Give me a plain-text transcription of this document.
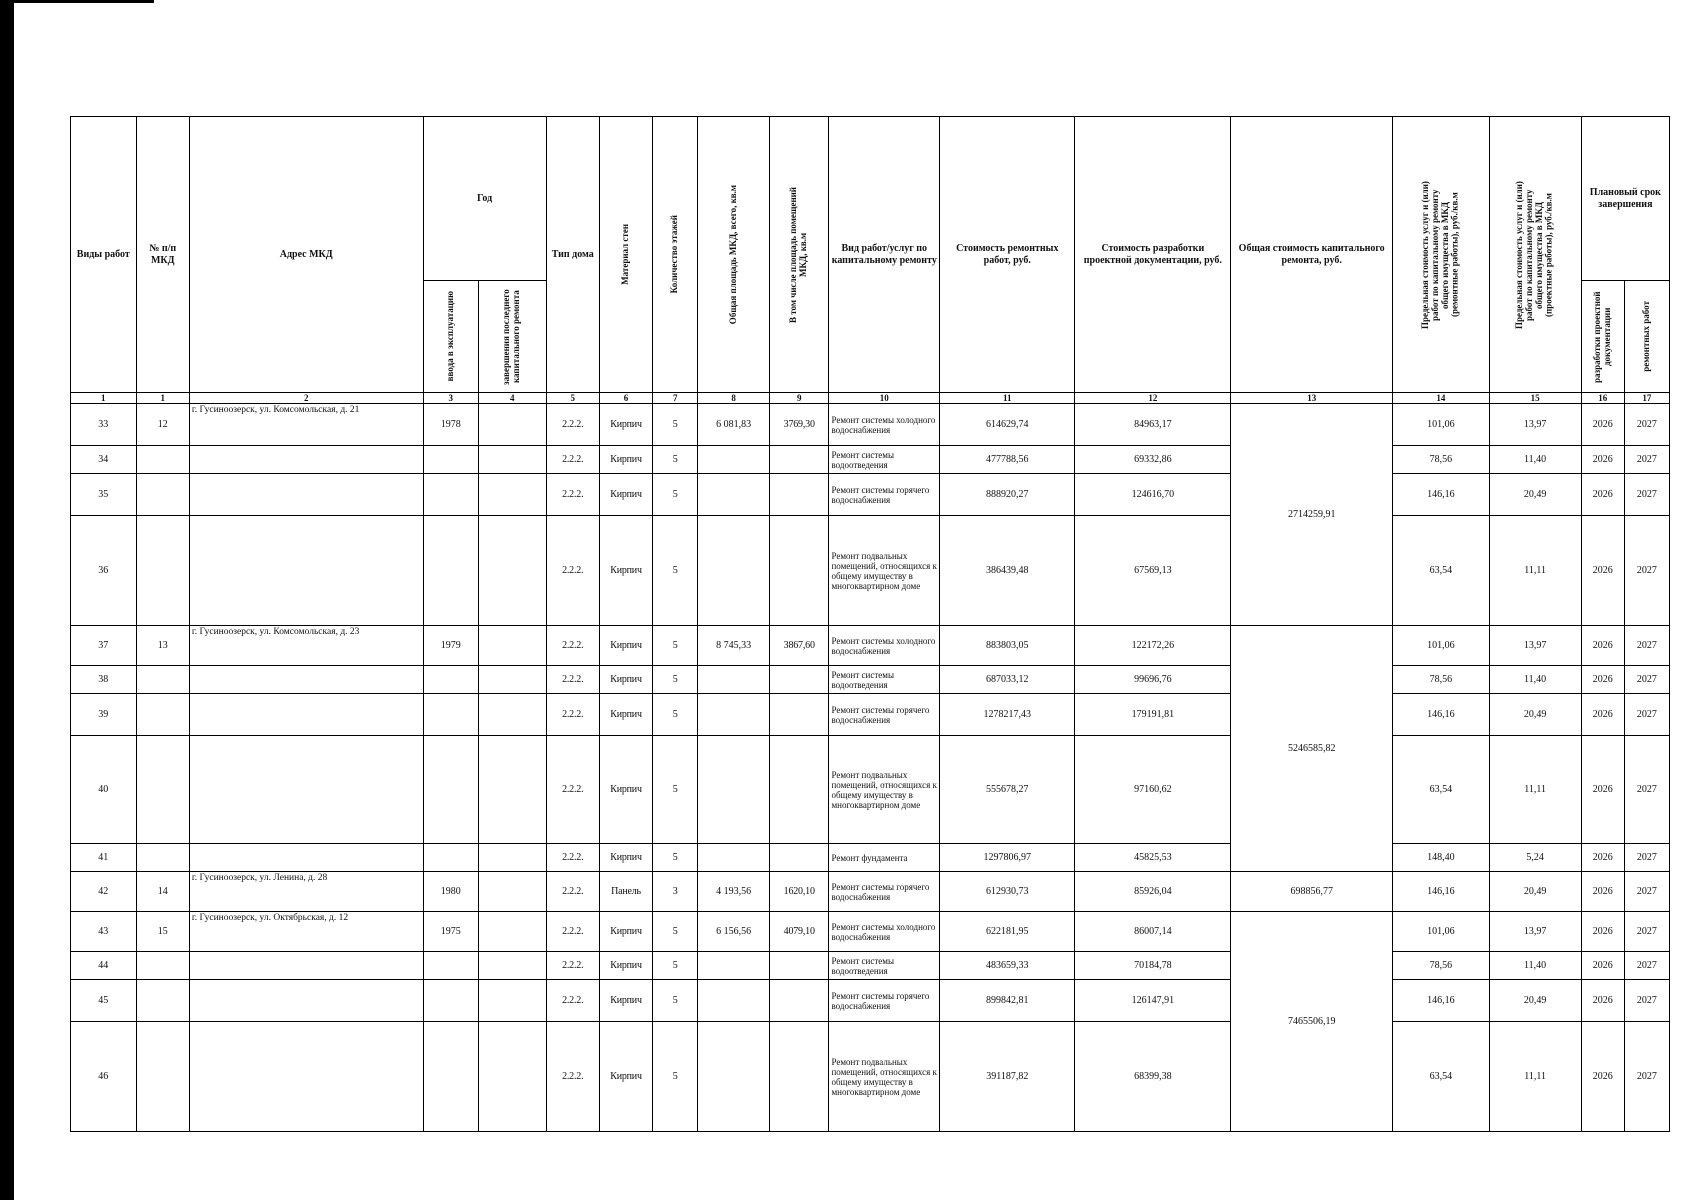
Виды работ	№ п/п МКД	Адрес МКД	Год		Тип дома	Материал стен	Количество этажей	Общая площадь МКД, всего, кв.м	В том числе площадь помещений МКД, кв.м	Вид работ/услуг по капитальному ремонту	Стоимость ремонтных работ, руб.	Стоимость разработки проектной документации, руб.	Общая стоимость капитального ремонта, руб.	Предельная стоимость услуг и (или) работ по капитальному ремонту общего имущества в МКД (ремонтные работы), руб./кв.м	Предельная стоимость услуг и (или) работ по капитальному ремонту общего имущества в МКД (проектные работы), руб./кв.м	Плановый срок завершения	

			ввода в эксплуатацию	завершения последнего капитального ремонта												разработки проектной документации	ремонтных работ

1	1	2	3	4	5	6	7	8	9	10	11	12	13	14	15	16	17
33	12	г. Гусиноозерск, ул. Комсомольская, д. 21	1978		2.2.2.	Кирпич	5	6 081,83	3769,30	Ремонт системы холодного водоснабжения	614629,74	84963,17	2714259,91	101,06	13,97	2026	2027
34					2.2.2.	Кирпич	5			Ремонт системы водоотведения	477788,56	69332,86		78,56	11,40	2026	2027
35					2.2.2.	Кирпич	5			Ремонт системы горячего водоснабжения	888920,27	124616,70		146,16	20,49	2026	2027
36					2.2.2.	Кирпич	5			Ремонт подвальных помещений, относящихся к общему имуществу в многоквартирном доме	386439,48	67569,13		63,54	11,11	2026	2027
37	13	г. Гусиноозерск, ул. Комсомольская, д. 23	1979		2.2.2.	Кирпич	5	8 745,33	3867,60	Ремонт системы холодного водоснабжения	883803,05	122172,26	5246585,82	101,06	13,97	2026	2027
38					2.2.2.	Кирпич	5			Ремонт системы водоотведения	687033,12	99696,76		78,56	11,40	2026	2027
39					2.2.2.	Кирпич	5			Ремонт системы горячего водоснабжения	1278217,43	179191,81		146,16	20,49	2026	2027
40					2.2.2.	Кирпич	5			Ремонт подвальных помещений, относящихся к общему имуществу в многоквартирном доме	555678,27	97160,62		63,54	11,11	2026	2027
41					2.2.2.	Кирпич	5			Ремонт фундамента	1297806,97	45825,53		148,40	5,24	2026	2027
42	14	г. Гусиноозерск, ул. Ленина, д. 28	1980		2.2.2.	Панель	3	4 193,56	1620,10	Ремонт системы горячего водоснабжения	612930,73	85926,04	698856,77	146,16	20,49	2026	2027
43	15	г. Гусиноозерск, ул. Октябрьская, д. 12	1975		2.2.2.	Кирпич	5	6 156,56	4079,10	Ремонт системы холодного водоснабжения	622181,95	86007,14	7465506,19	101,06	13,97	2026	2027
44					2.2.2.	Кирпич	5			Ремонт системы водоотведения	483659,33	70184,78		78,56	11,40	2026	2027
45					2.2.2.	Кирпич	5			Ремонт системы горячего водоснабжения	899842,81	126147,91		146,16	20,49	2026	2027
46					2.2.2.	Кирпич	5			Ремонт подвальных помещений, относящихся к общему имуществу в многоквартирном доме	391187,82	68399,38		63,54	11,11	2026	2027
